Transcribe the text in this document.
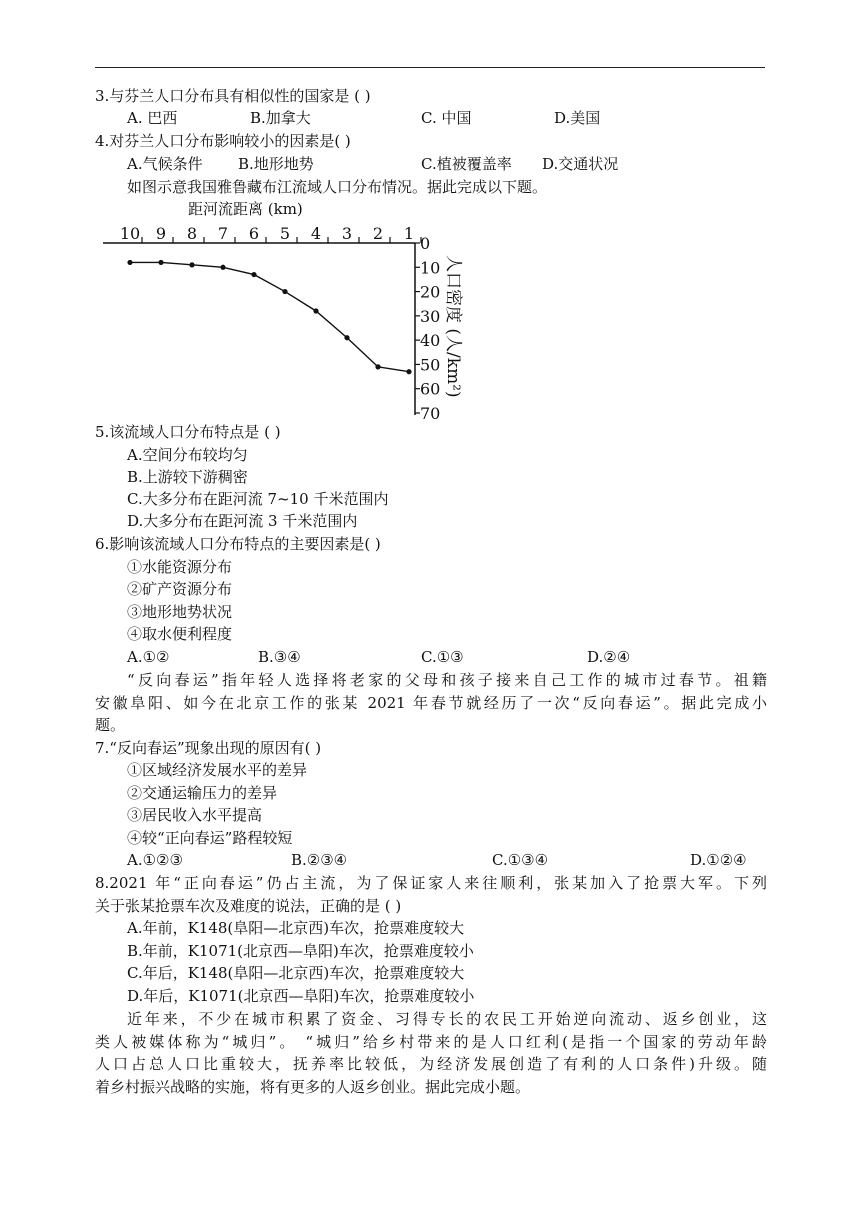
3.与芬兰人口分布具有相似性的国家是 ( )
A. 巴西	B.加拿大	C. 中国	D.美国
4.对芬兰人口分布影响较小的因素是( )
A.气候条件 B.地形地势	C.植被覆盖率 D.交通状况
如图示意我国雅鲁藏布江流域人口分布情况。据此完成以下题。
距河流距离 (km)
10 9 8 7 6 5 4 3 2 1
0
10
20
30
40
50
60
70
人口密度 (人/km²)
5.该流域人口分布特点是 ( )
A.空间分布较均匀
B.上游较下游稠密
C.大多分布在距河流 7~10 千米范围内
D.大多分布在距河流 3 千米范围内
6.影响该流域人口分布特点的主要因素是( )
①水能资源分布
②矿产资源分布
③地形地势状况
④取水便利程度
A.①②	B.③④	C.①③	D.②④
“反向春运”指年轻人选择将老家的父母和孩子接来自己工作的城市过春节。祖籍
安徽阜阳、如今在北京工作的张某 2021 年春节就经历了一次“反向春运”。据此完成小
题。
7.“反向春运”现象出现的原因有( )
①区域经济发展水平的差异
②交通运输压力的差异
③居民收入水平提高
④较“正向春运”路程较短
A.①②③	B.②③④	C.①③④	D.①②④
8.2021 年“正向春运”仍占主流，为了保证家人来往顺利，张某加入了抢票大军。下列
关于张某抢票车次及难度的说法，正确的是 ( )
A.年前，K148(阜阳—北京西)车次，抢票难度较大
B.年前，K1071(北京西—阜阳)车次，抢票难度较小
C.年后，K148(阜阳—北京西)车次，抢票难度较大
D.年后，K1071(北京西—阜阳)车次，抢票难度较小
近年来，不少在城市积累了资金、习得专长的农民工开始逆向流动、返乡创业，这
类人被媒体称为“城归”。 “城归”给乡村带来的是人口红利(是指一个国家的劳动年龄
人口占总人口比重较大，抚养率比较低，为经济发展创造了有利的人口条件)升级。随
着乡村振兴战略的实施，将有更多的人返乡创业。据此完成小题。
